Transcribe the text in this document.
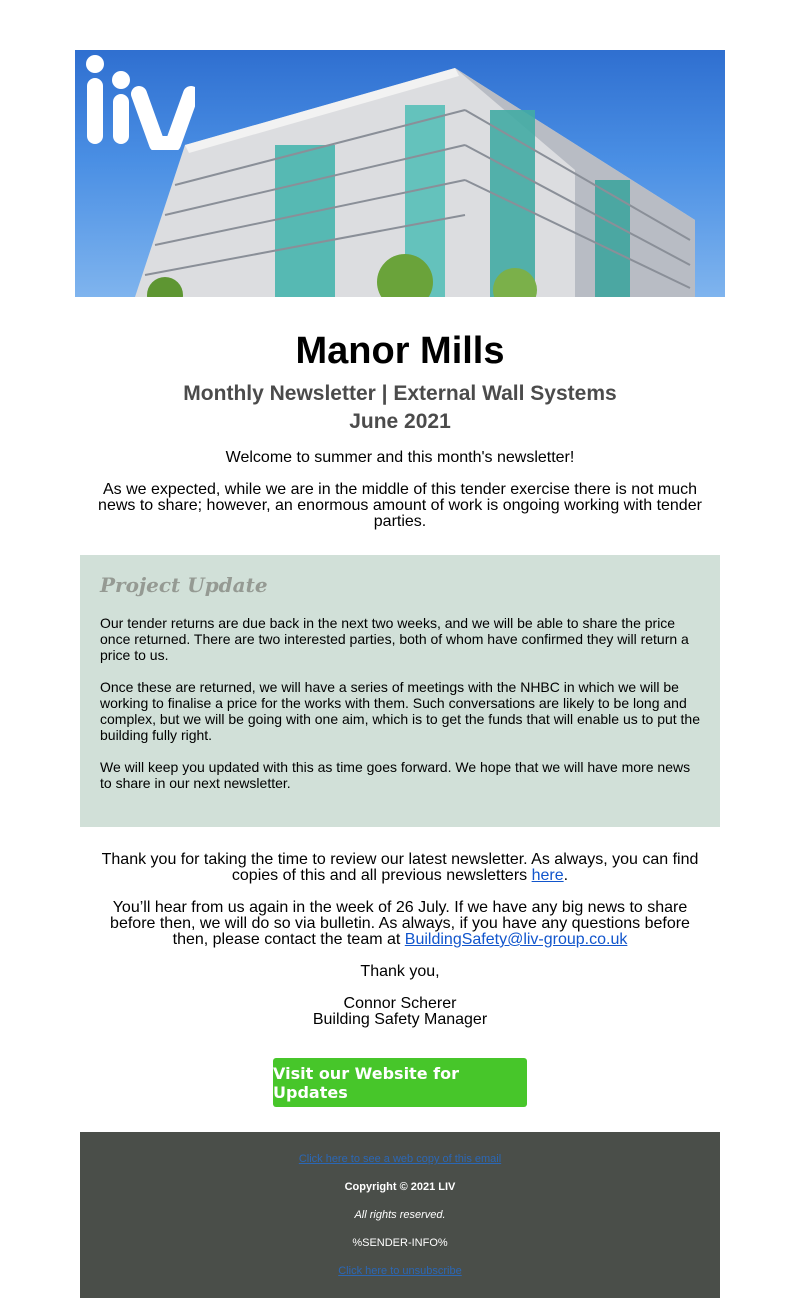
Manor Mills
Monthly Newsletter | External Wall Systems
June 2021

Welcome to summer and this month's newsletter!

As we expected, while we are in the middle of this tender exercise there is not much news to share; however, an enormous amount of work is ongoing working with tender parties.

Project Update

Our tender returns are due back in the next two weeks, and we will be able to share the price once returned. There are two interested parties, both of whom have confirmed they will return a price to us.

Once these are returned, we will have a series of meetings with the NHBC in which we will be working to finalise a price for the works with them. Such conversations are likely to be long and complex, but we will be going with one aim, which is to get the funds that will enable us to put the building fully right.

We will keep you updated with this as time goes forward. We hope that we will have more news to share in our next newsletter.

Thank you for taking the time to review our latest newsletter. As always, you can find copies of this and all previous newsletters here.

You’ll hear from us again in the week of 26 July. If we have any big news to share before then, we will do so via bulletin. As always, if you have any questions before then, please contact the team at BuildingSafety@liv-group.co.uk

Thank you,

Connor Scherer

Building Safety Manager

Visit our Website for Updates
Click here to see a web copy of this email
Copyright © 2021 LIV
All rights reserved.
%SENDER-INFO%
Click here to unsubscribe
